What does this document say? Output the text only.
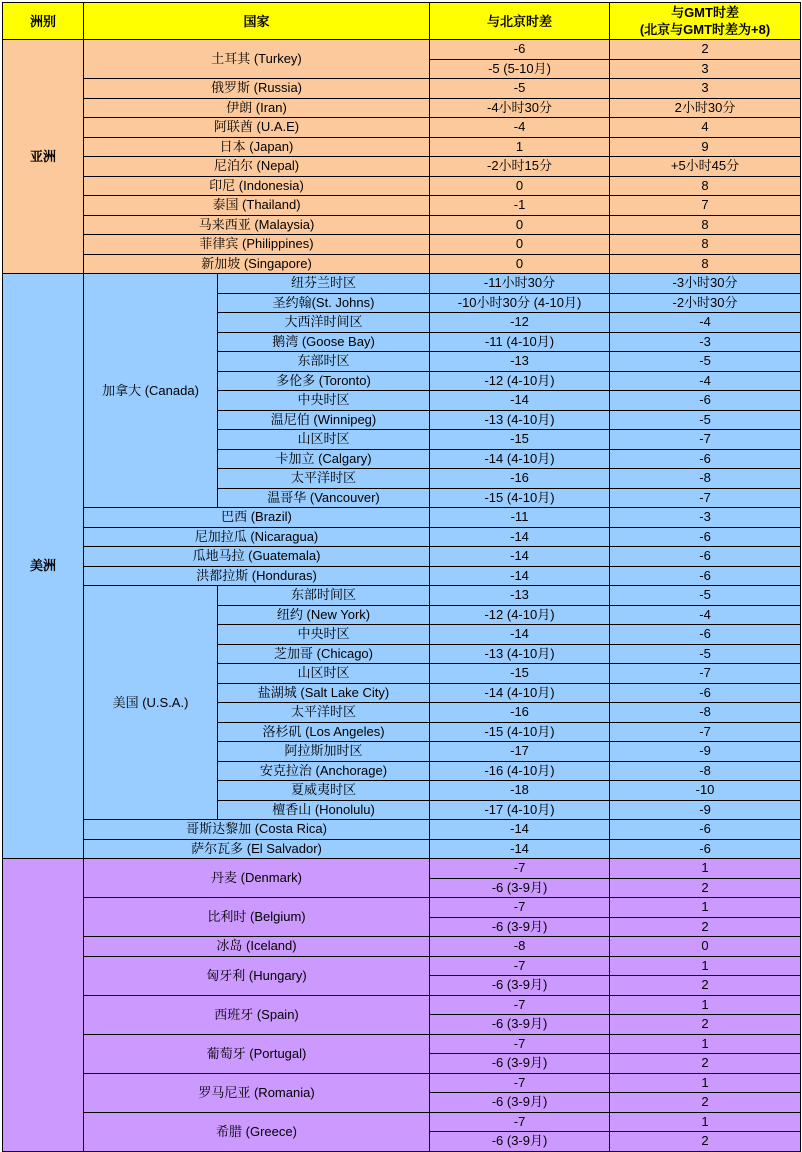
洲别	国家		与北京时差	与GMT时差
(北京与GMT时差为+8)
亚洲	土耳其 (Turkey)		-6	2
			-5 (5-10月)	3
	俄罗斯 (Russia)		-5	3
	伊朗 (Iran)		-4小时30分	2小时30分
	阿联酋 (U.A.E)		-4	4
	日本 (Japan)		1	9
	尼泊尔 (Nepal)		-2小时15分	+5小时45分
	印尼 (Indonesia)		0	8
	泰国 (Thailand)		-1	7
	马来西亚 (Malaysia)		0	8
	菲律宾 (Philippines)		0	8
	新加坡 (Singapore)		0	8
美洲	加拿大 (Canada)	纽芬兰时区	-11小时30分	-3小时30分
		圣约翰(St. Johns)	-10小时30分 (4-10月)	-2小时30分
		大西洋时间区	-12	-4
		鹅湾 (Goose Bay)	-11 (4-10月)	-3
		东部时区	-13	-5
		多伦多 (Toronto)	-12 (4-10月)	-4
		中央时区	-14	-6
		温尼伯 (Winnipeg)	-13 (4-10月)	-5
		山区时区	-15	-7
		卡加立 (Calgary)	-14 (4-10月)	-6
		太平洋时区	-16	-8
		温哥华 (Vancouver)	-15 (4-10月)	-7
	巴西 (Brazil)		-11	-3
	尼加拉瓜 (Nicaragua)		-14	-6
	瓜地马拉 (Guatemala)		-14	-6
	洪都拉斯 (Honduras)		-14	-6
	美国 (U.S.A.)	东部时间区	-13	-5
		纽约 (New York)	-12 (4-10月)	-4
		中央时区	-14	-6
		芝加哥 (Chicago)	-13 (4-10月)	-5
		山区时区	-15	-7
		盐湖城 (Salt Lake City)	-14 (4-10月)	-6
		太平洋时区	-16	-8
		洛杉矶 (Los Angeles)	-15 (4-10月)	-7
		阿拉斯加时区	-17	-9
		安克拉治 (Anchorage)	-16 (4-10月)	-8
		夏威夷时区	-18	-10
		檀香山 (Honolulu)	-17 (4-10月)	-9
	哥斯达黎加 (Costa Rica)		-14	-6
	萨尔瓦多 (El Salvador)		-14	-6
	丹麦 (Denmark)		-7	1
			-6 (3-9月)	2
	比利时 (Belgium)		-7	1
			-6 (3-9月)	2
	冰岛 (Iceland)		-8	0
	匈牙利 (Hungary)		-7	1
			-6 (3-9月)	2
	西班牙 (Spain)		-7	1
			-6 (3-9月)	2
	葡萄牙 (Portugal)		-7	1
			-6 (3-9月)	2
	罗马尼亚 (Romania)		-7	1
			-6 (3-9月)	2
	希腊 (Greece)		-7	1
			-6 (3-9月)	2
